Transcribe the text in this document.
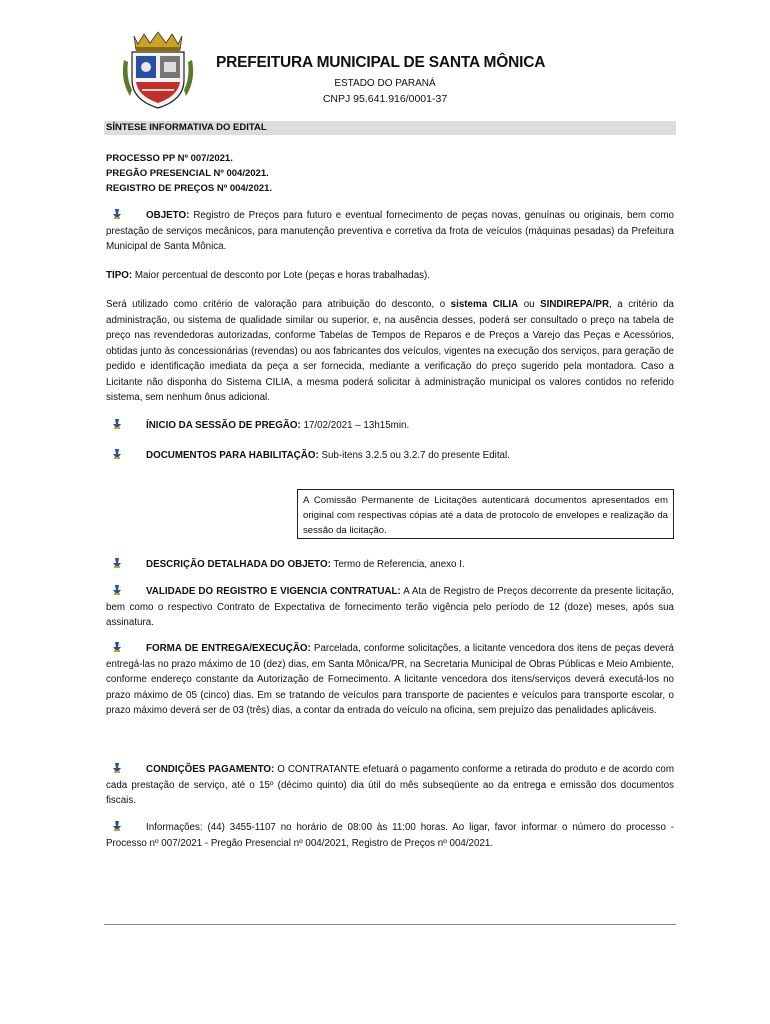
PREFEITURA MUNICIPAL DE SANTA MÔNICA
ESTADO DO PARANÁ
CNPJ 95.641.916/0001-37
SÍNTESE INFORMATIVA DO EDITAL
PROCESSO PP Nº 007/2021.
PREGÃO PRESENCIAL Nº 004/2021.
REGISTRO DE PREÇOS Nº 004/2021.

OBJETO: Registro de Preços para futuro e eventual fornecimento de peças novas, genuínas ou originais, bem como prestação de serviços mecânicos, para manutenção preventiva e corretiva da frota de veículos (máquinas pesadas) da Prefeitura Municipal de Santa Mônica.

TIPO: Maior percentual de desconto por Lote (peças e horas trabalhadas).

Será utilizado como critério de valoração para atribuição do desconto, o sistema CILIA ou SINDIREPA/PR, a critério da administração, ou sistema de qualidade similar ou superior, e, na ausência desses, poderá ser consultado o preço na tabela de preço nas revendedoras autorizadas, conforme Tabelas de Tempos de Reparos e de Preços a Varejo das Peças e Acessórios, obtidas junto às concessionárias (revendas) ou aos fabricantes dos veículos, vigentes na execução dos serviços, para geração de pedido e identificação imediata da peça a ser fornecida, mediante a verificação do preço sugerido pela montadora. Caso a Licitante não disponha do Sistema CILIA, a mesma poderá solicitar à administração municipal os valores contidos no referido sistema, sem nenhum ônus adicional.

ÍNICIO DA SESSÃO DE PREGÃO: 17/02/2021 – 13h15min.
DOCUMENTOS PARA HABILITAÇÃO: Sub-itens 3.2.5 ou 3.2.7 do presente Edital.
A Comissão Permanente de Licitações autenticará documentos apresentados em original com respectivas cópias até a data de protocolo de envelopes e realização da sessão da licitação.
DESCRIÇÃO DETALHADA DO OBJETO: Termo de Referencia, anexo I.

VALIDADE DO REGISTRO E VIGENCIA CONTRATUAL: A Ata de Registro de Preços decorrente da presente licitação, bem como o respectivo Contrato de Expectativa de fornecimento terão vigência pelo período de 12 (doze) meses, após sua assinatura.

FORMA DE ENTREGA/EXECUÇÃO: Parcelada, conforme solicitações, a licitante vencedora dos itens de peças deverá entregá-las no prazo máximo de 10 (dez) dias, em Santa Mônica/PR, na Secretaria Municipal de Obras Públicas e Meio Ambiente, conforme endereço constante da Autorização de Fornecimento. A licitante vencedora dos itens/serviços deverá executá-los no prazo máximo de 05 (cinco) dias. Em se tratando de veículos para transporte de pacientes e veículos para transporte escolar, o prazo máximo deverá ser de 03 (três) dias, a contar da entrada do veículo na oficina, sem prejuízo das penalidades aplicáveis.

CONDIÇÕES PAGAMENTO: O CONTRATANTE efetuará o pagamento conforme a retirada do produto e de acordo com cada prestação de serviço, até o 15º (décimo quinto) dia útil do mês subseqüente ao da entrega e emissão dos documentos fiscais.

Informações: (44) 3455-1107 no horário de 08:00 às 11:00 horas. Ao ligar, favor informar o número do processo - Processo nº 007/2021 - Pregão Presencial nº 004/2021, Registro de Preços nº 004/2021.
